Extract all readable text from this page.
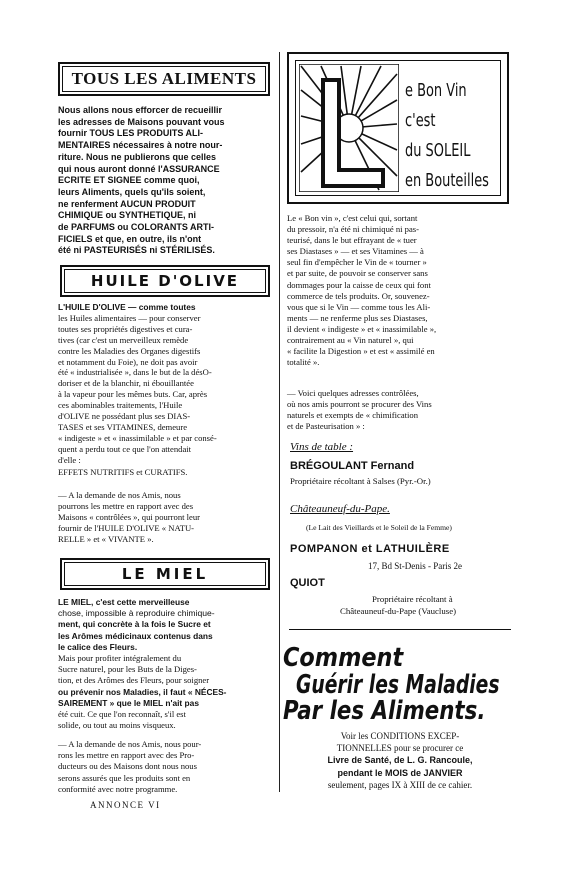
TOUS LES ALIMENTS
Nous allons nous efforcer de recueillir
les adresses de Maisons pouvant vous
fournir TOUS LES PRODUITS ALI-
MENTAIRES nécessaires à notre nour-
riture. Nous ne publierons que celles
qui nous auront donné l'ASSURANCE
ECRITE ET SIGNEE comme quoi,
leurs Aliments, quels qu'ils soient,
ne renferment AUCUN PRODUIT
CHIMIQUE ou SYNTHETIQUE, ni
de PARFUMS ou COLORANTS ARTI-
FICIELS et que, en outre, ils n'ont
été ni PASTEURISÉS ni STÉRILISÉS.
HUILE D'OLIVE
L'HUILE D'OLIVE — comme toutes
les Huiles alimentaires — pour conserver
toutes ses propriétés digestives et cura-
tives (car c'est un merveilleux remède
contre les Maladies des Organes digestifs
et notamment du Foie), ne doit pas avoir
été « industrialisée », dans le but de la désO-
doriser et de la blanchir, ni ébouillantée
à la vapeur pour les mêmes buts. Car, après
ces abominables traitements, l'Huile
d'OLIVE ne possédant plus ses DIAS-
TASES et ses VITAMINES, demeure
« indigeste » et « inassimilable » et par consé-
quent a perdu tout ce que l'on attendait
d'elle :
EFFETS NUTRITIFS et CURATIFS.
— A la demande de nos Amis, nous
pourrons les mettre en rapport avec des
Maisons « contrôlées », qui pourront leur
fournir de l'HUILE D'OLIVE « NATU-
RELLE » et « VIVANTE ».
LE MIEL
LE MIEL, c'est cette merveilleuse
chose, impossible à reproduire chimique-
ment, qui concrète à la fois le Sucre et
les Arômes médicinaux contenus dans
le calice des Fleurs.
Mais pour profiter intégralement du
Sucre naturel, pour les Buts de la Diges-
tion, et des Arômes des Fleurs, pour soigner
ou prévenir nos Maladies, il faut « NÉCES-
SAIREMENT » que le MIEL n'ait pas
été cuit. Ce que l'on reconnaît, s'il est
solide, ou tout au moins visqueux.
— A la demande de nos Amis, nous pour-
rons les mettre en rapport avec des Pro-
ducteurs ou des Maisons dont nous nous
serons assurés que les produits sont en
conformité avec notre programme.
ANNONCE VI
L
e Bon Vin
c'est
du SOLEIL
en Bouteilles
Le « Bon vin », c'est celui qui, sortant
du pressoir, n'a été ni chimiqué ni pas-
teurisé, dans le but effrayant de « tuer
ses Diastases » — et ses Vitamines — à
seul fin d'empêcher le Vin de « tourner »
et par suite, de pouvoir se conserver sans
dommages pour la caisse de ceux qui font
commerce de tels produits. Or, souvenez-
vous que si le Vin — comme tous les Ali-
ments — ne renferme plus ses Diastases,
il devient « indigeste » et « inassimilable »,
contrairement au « Vin naturel », qui
« facilite la Digestion » et est « assimilé en
totalité ».
— Voici quelques adresses contrôlées,
où nos amis pourront se procurer des Vins
naturels et exempts de « chimification
et de Pasteurisation » :
Vins de table :
BRÉGOULANT Fernand
Propriétaire récoltant à Salses (Pyr.-Or.)
Châteauneuf-du-Pape.
(Le Lait des Vieillards et le Soleil de la Femme)
POMPANON et LATHUILÈRE
17, Bd St-Denis - Paris 2e
QUIOT
Propriétaire récoltant à
Châteauneuf-du-Pape (Vaucluse)
Comment
Guérir les Maladies
Par les Aliments.
Voir les CONDITIONS EXCEP-
TIONNELLES pour se procurer ce
Livre de Santé, de L. G. Rancoule,
pendant le MOIS de JANVIER
seulement, pages IX à XIII de ce cahier.
